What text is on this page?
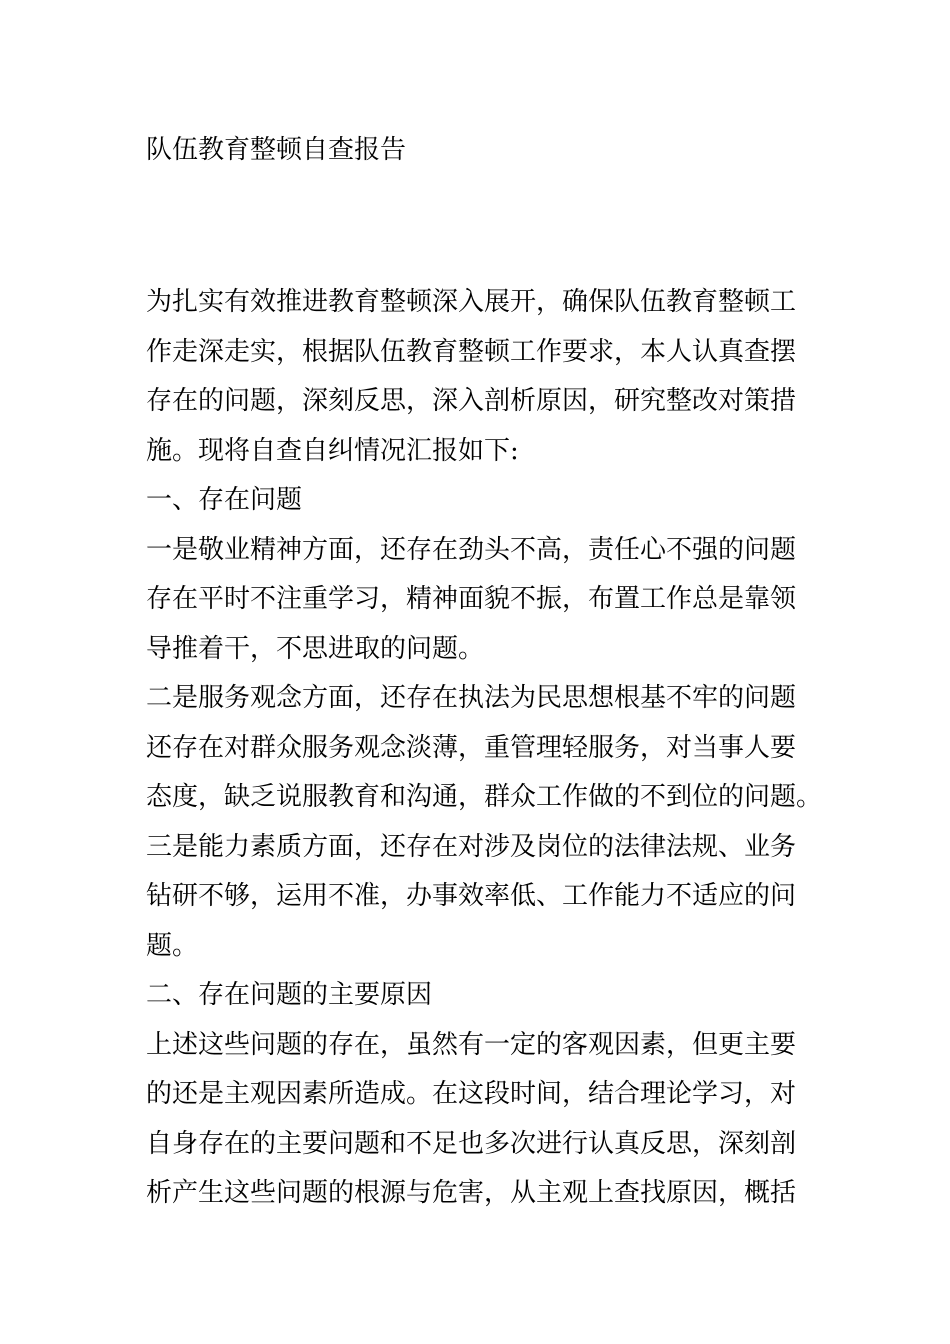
队伍教育整顿自查报告
为扎实有效推进教育整顿深入展开，确保队伍教育整顿工
作走深走实，根据队伍教育整顿工作要求，本人认真查摆
存在的问题，深刻反思，深入剖析原因，研究整改对策措
施。现将自查自纠情况汇报如下:
一、存在问题
一是敬业精神方面，还存在劲头不高，责任心不强的问题
存在平时不注重学习，精神面貌不振，布置工作总是靠领
导推着干，不思进取的问题。
二是服务观念方面，还存在执法为民思想根基不牢的问题
还存在对群众服务观念淡薄，重管理轻服务，对当事人要
态度，缺乏说服教育和沟通，群众工作做的不到位的问题。
三是能力素质方面，还存在对涉及岗位的法律法规、业务
钻研不够，运用不准，办事效率低、工作能力不适应的问
题。
二、存在问题的主要原因
上述这些问题的存在，虽然有一定的客观因素，但更主要
的还是主观因素所造成。在这段时间，结合理论学习，对
自身存在的主要问题和不足也多次进行认真反思，深刻剖
析产生这些问题的根源与危害，从主观上查找原因，概括
